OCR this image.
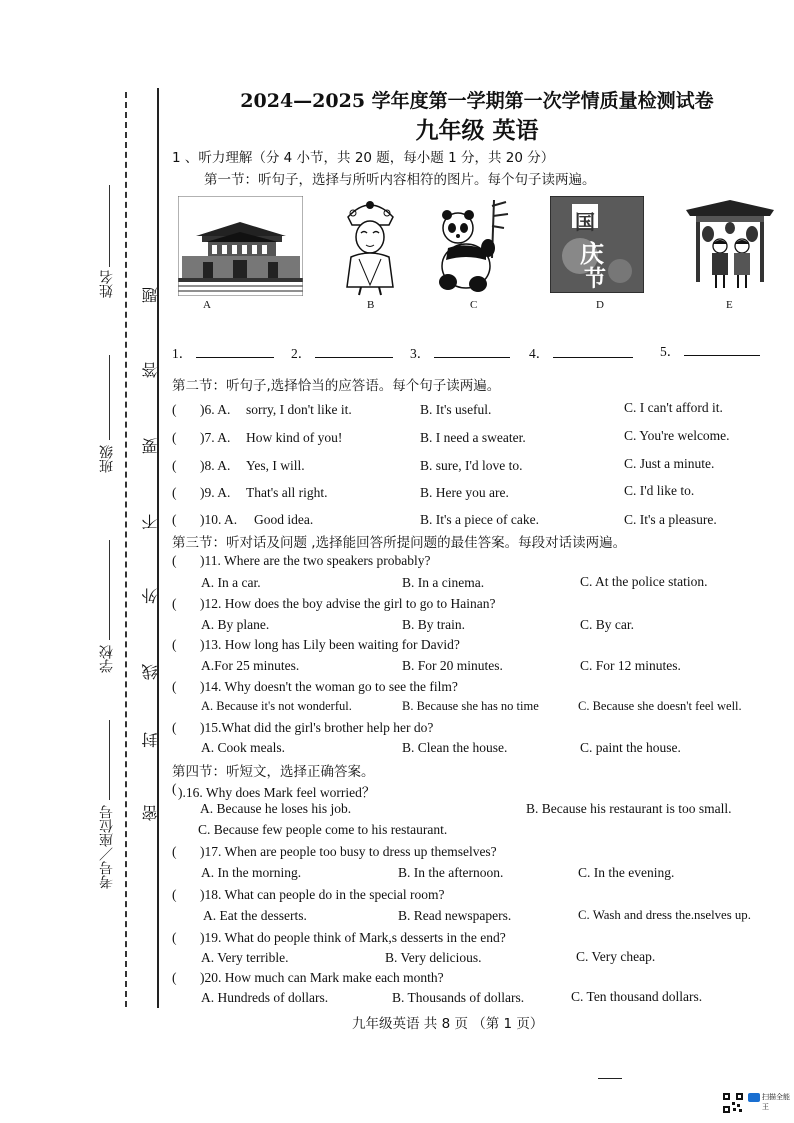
姓名
班级
学校
考号／座位号
题
答
要
不
外
线
封
密
2024—2025 学年度第一学期第一次学情质量检测试卷
九年级 英语
1 、听力理解（分 4 小节，共 20 题，每小题 1 分，共 20 分）
第一节：听句子，选择与所听内容相符的图片。每个句子读两遍。
国
庆
节
A	B	C	D	E
1．	2．	3．	4．	5．
第二节：听句子,选择恰当的应答语。每个句子读两遍。
( )6. A. sorry, I don't like it.	B. It's useful.	C. I can't afford it.
( )7. A. How kind of you!	B. I need a sweater.	C. You're welcome.
( )8. A. Yes, I will.	B. sure, I'd love to.	C. Just a minute.
( )9. A. That's all right.	B. Here you are.	C. I'd like to.
( )10. A. Good idea.	B. It's a piece of cake.	C. It's a pleasure.
第三节：听对话及问题 ,选择能回答所提问题的最佳答案。每段对话读两遍。
( )11. Where are the two speakers probably?
A. In a car.	B. In a cinema.	C. At the police station.
( )12. How does the boy advise the girl to go to Hainan?
A. By plane.	B. By train.	C. By car.
( )13. How long has Lily been waiting for David?
A.For 25 minutes.	B. For 20 minutes.	C. For 12 minutes.
( )14. Why doesn't the woman go to see the film?
A. Because it's not wonderful.	B. Because she has no time	C. Because she doesn't feel well.
( )15.What did the girl's brother help her do?
A. Cook meals.	B. Clean the house.	C. paint the house.
第四节：听短文，选择正确答案。
( ).16. Why does Mark feel worried？
A. Because he loses his job.	B. Because his restaurant is too small.
C. Because few people come to his restaurant.
( )17. When are people too busy to dress up themselves?
A. In the morning.	B. In the afternoon.	C. In the evening.
( )18. What can people do in the special room?
A. Eat the desserts.	B. Read newspapers.	C. Wash and dress the.nselves up.
( )19. What do people think of Mark,s desserts in the end?
A. Very terrible.	B. Very delicious.	C. Very cheap.
( )20. How much can Mark make each month?
A. Hundreds of dollars.	B. Thousands of dollars.	C. Ten thousand dollars.
九年级英语 共 8 页 （第 1 页）
扫描全能王
